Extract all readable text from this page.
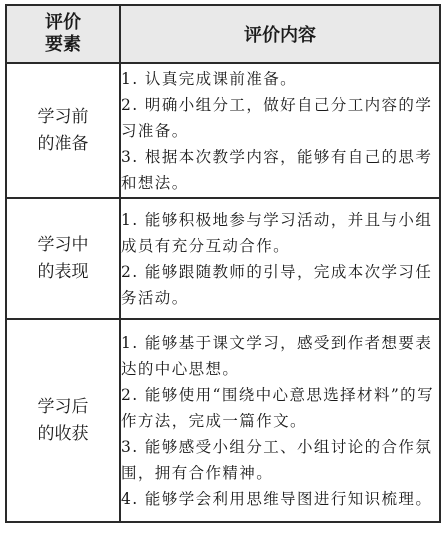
评价
要素	评价内容

学习前
的准备	1. 认真完成课前准备。
2. 明确小组分工，做好自己分工内容的学习准备。
3. 根据本次教学内容，能够有自己的思考和想法。

学习中
的表现	1. 能够积极地参与学习活动，并且与小组成员有充分互动合作。
2. 能够跟随教师的引导，完成本次学习任务活动。

学习后
的收获	1. 能够基于课文学习，感受到作者想要表达的中心思想。
2. 能够使用“围绕中心意思选择材料”的写作方法，完成一篇作文。
3. 能够感受小组分工、小组讨论的合作氛围，拥有合作精神。
4. 能够学会利用思维导图进行知识梳理。
